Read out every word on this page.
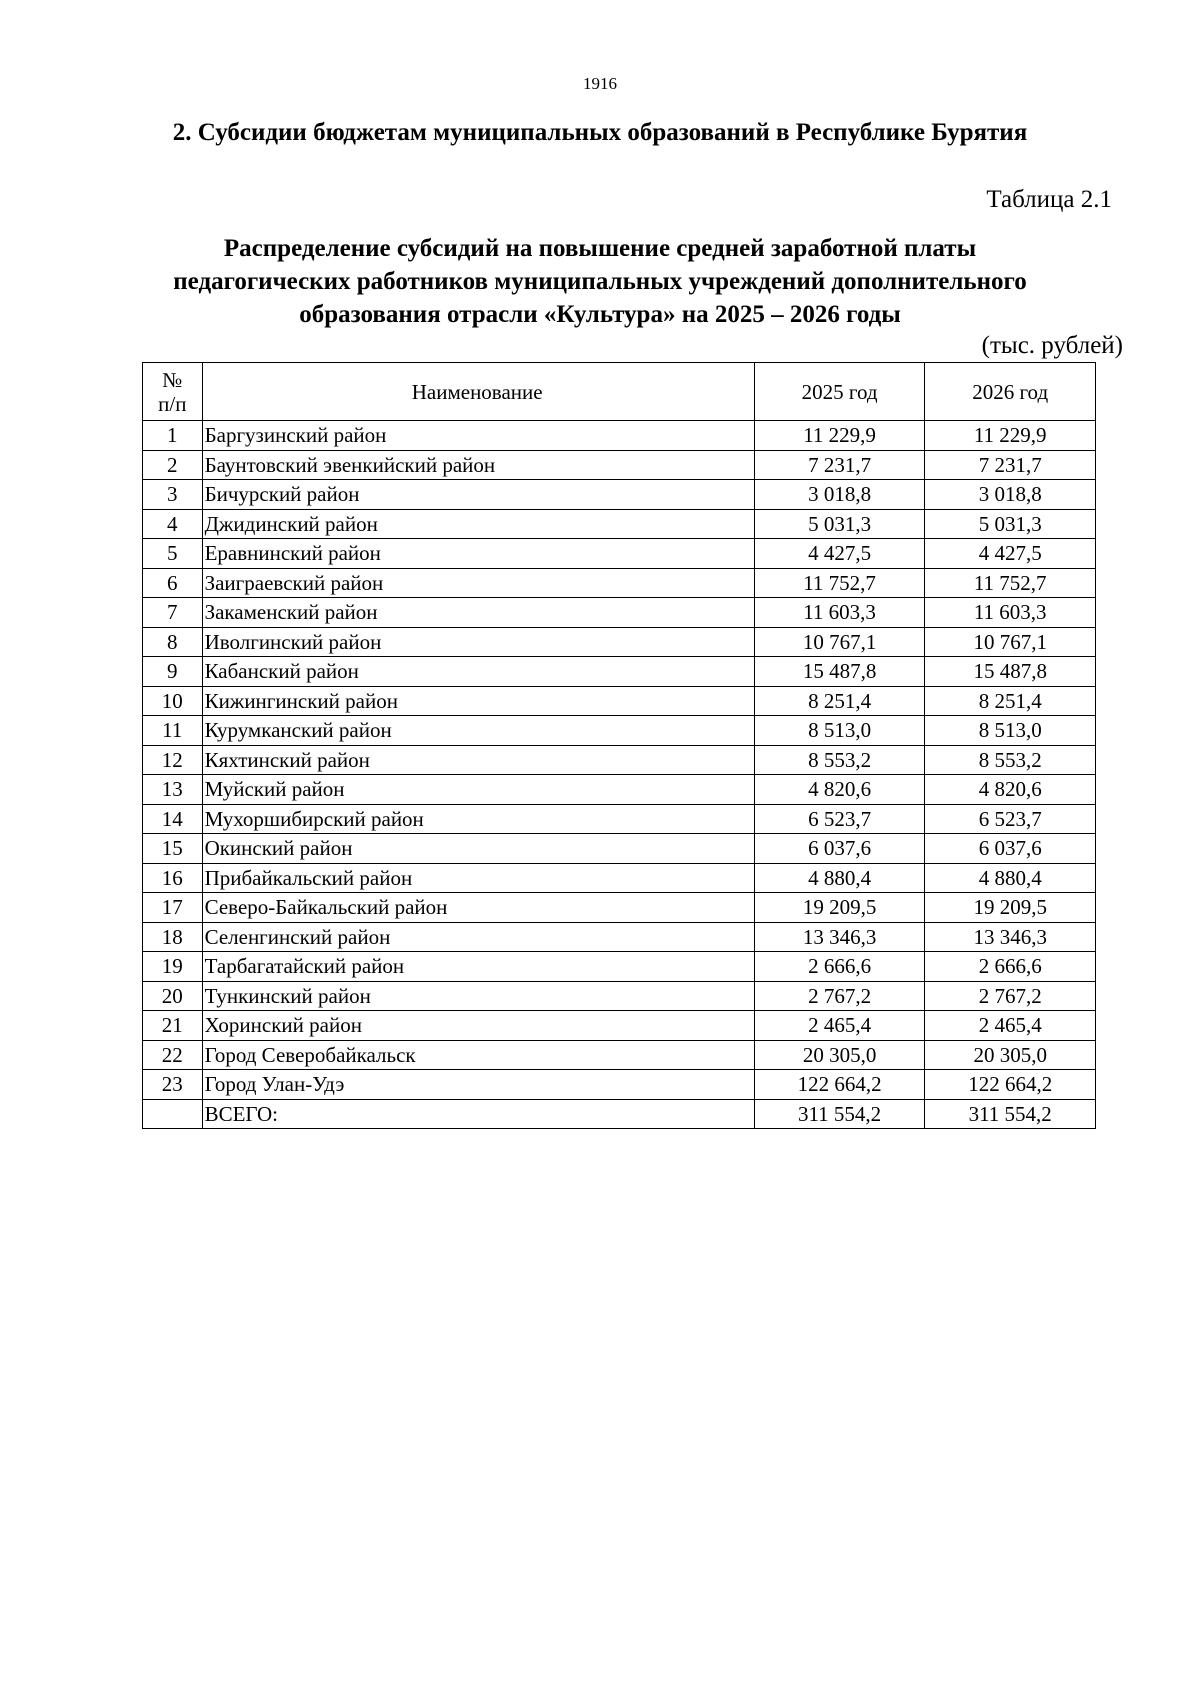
1916
2. Субсидии бюджетам муниципальных образований в Республике Бурятия
Таблица 2.1
Распределение субсидий на повышение средней заработной платы педагогических работников муниципальных учреждений дополнительного образования отрасли «Культура» на 2025 – 2026 годы
(тыс. рублей)
№
п/п	Наименование	2025 год	2026 год
1	Баргузинский район	11 229,9	11 229,9
2	Баунтовский эвенкийский район	7 231,7	7 231,7
3	Бичурский район	3 018,8	3 018,8
4	Джидинский район	5 031,3	5 031,3
5	Еравнинский район	4 427,5	4 427,5
6	Заиграевский район	11 752,7	11 752,7
7	Закаменский район	11 603,3	11 603,3
8	Иволгинский район	10 767,1	10 767,1
9	Кабанский район	15 487,8	15 487,8
10	Кижингинский район	8 251,4	8 251,4
11	Курумканский район	8 513,0	8 513,0
12	Кяхтинский район	8 553,2	8 553,2
13	Муйский район	4 820,6	4 820,6
14	Мухоршибирский район	6 523,7	6 523,7
15	Окинский район	6 037,6	6 037,6
16	Прибайкальский район	4 880,4	4 880,4
17	Северо-Байкальский район	19 209,5	19 209,5
18	Селенгинский район	13 346,3	13 346,3
19	Тарбагатайский район	2 666,6	2 666,6
20	Тункинский район	2 767,2	2 767,2
21	Хоринский район	2 465,4	2 465,4
22	Город Северобайкальск	20 305,0	20 305,0
23	Город Улан-Удэ	122 664,2	122 664,2
	ВСЕГО:	311 554,2	311 554,2
